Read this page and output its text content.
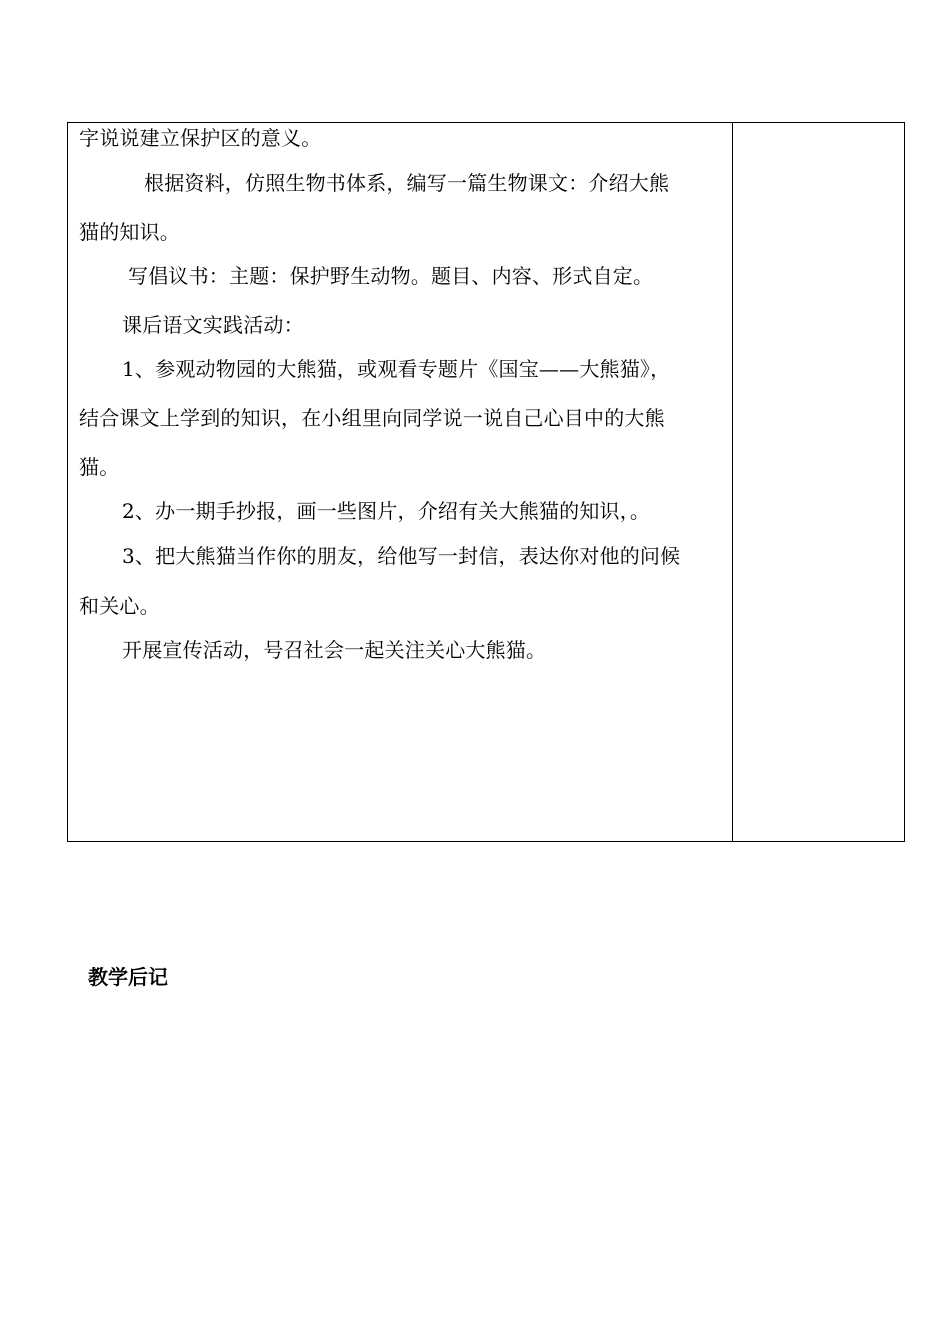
字说说建立保护区的意义。
根据资料，仿照生物书体系，编写一篇生物课文：介绍大熊
猫的知识。
写倡议书：主题：保护野生动物。题目、内容、形式自定。
课后语文实践活动：
1、参观动物园的大熊猫，或观看专题片《国宝——大熊猫》，
结合课文上学到的知识，在小组里向同学说一说自己心目中的大熊
猫。
2、办一期手抄报，画一些图片，介绍有关大熊猫的知识，。
3、把大熊猫当作你的朋友，给他写一封信，表达你对他的问候
和关心。
开展宣传活动，号召社会一起关注关心大熊猫。
教学后记
